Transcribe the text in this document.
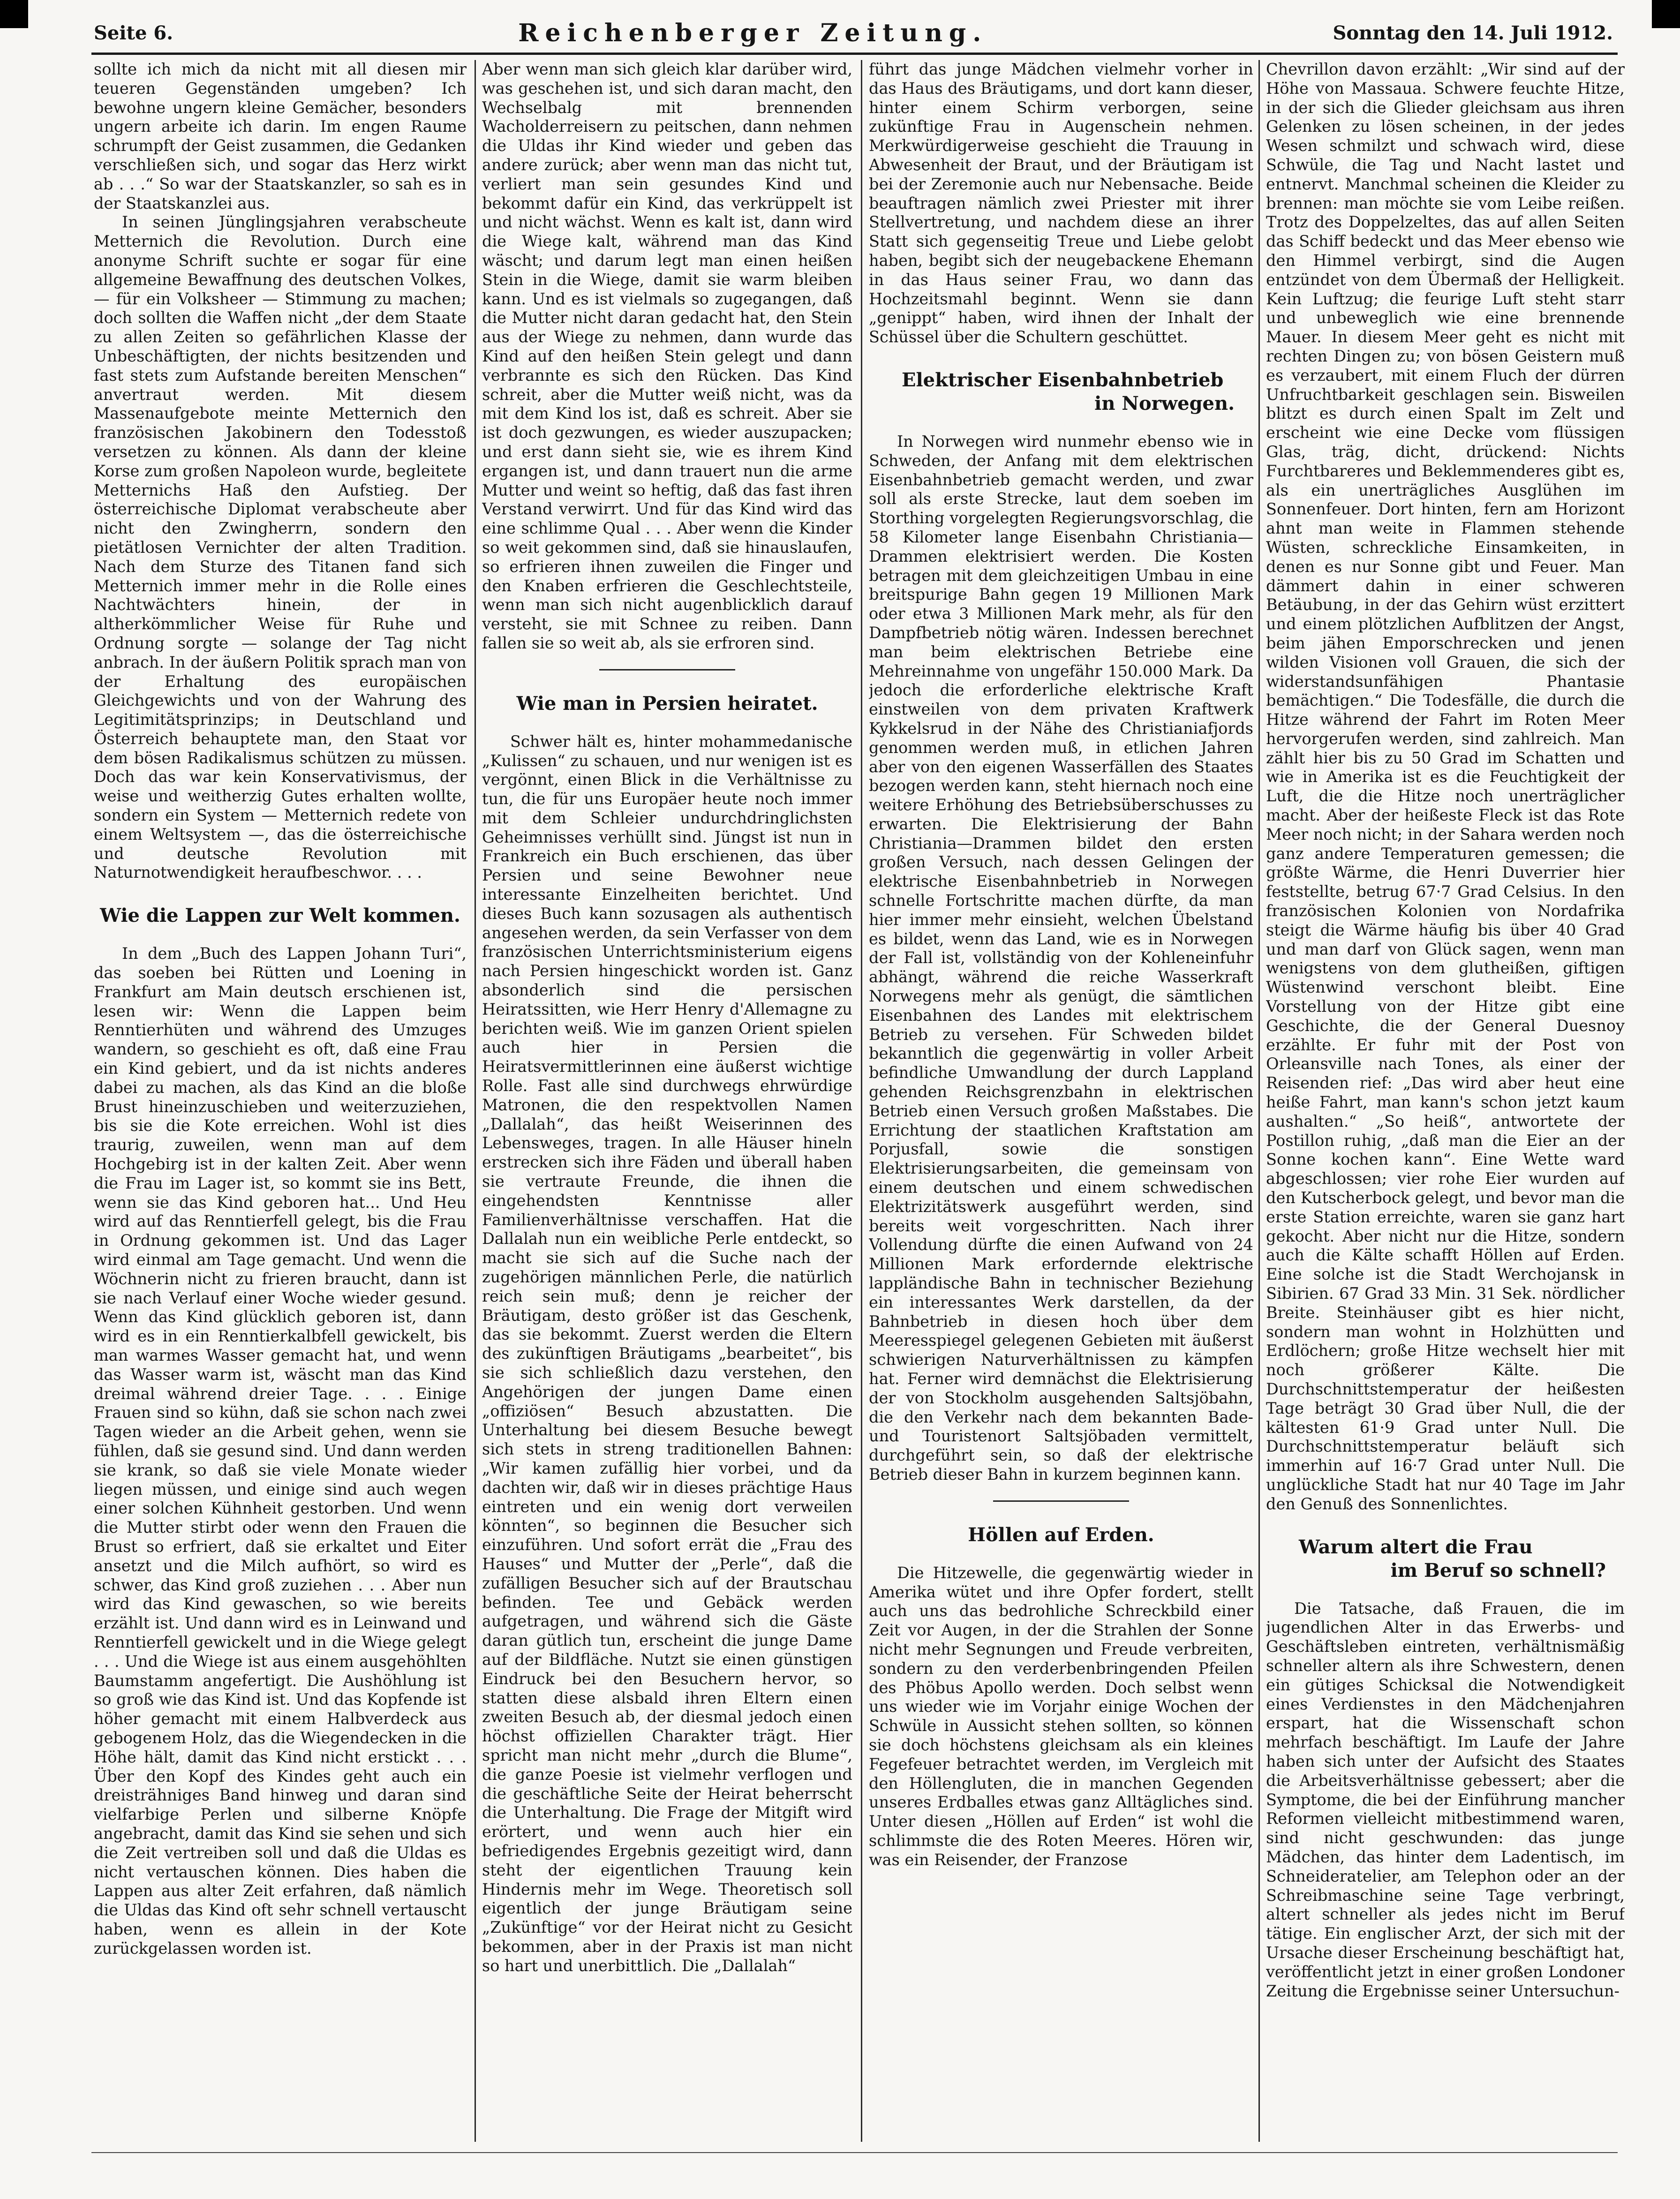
Seite 6.	Reichenberger Zeitung.	Sonntag den 14. Juli 1912.

sollte ich mich da nicht mit all diesen mir teueren Gegenständen umgeben? Ich bewohne ungern kleine Gemächer, besonders ungern arbeite ich darin. Im engen Raume schrumpft der Geist zusammen, die Gedanken verschließen sich, und sogar das Herz wirkt ab . . .“ So war der Staatskanzler, so sah es in der Staatskanzlei aus.

In seinen Jünglingsjahren verabscheute Metternich die Revolution. Durch eine anonyme Schrift suchte er sogar für eine allgemeine Bewaffnung des deutschen Volkes, — für ein Volksheer — Stimmung zu machen; doch sollten die Waffen nicht „der dem Staate zu allen Zeiten so gefährlichen Klasse der Unbeschäftigten, der nichts besitzenden und fast stets zum Aufstande bereiten Menschen“ anvertraut werden. Mit diesem Massenaufgebote meinte Metternich den französischen Jakobinern den Todesstoß versetzen zu können. Als dann der kleine Korse zum großen Napoleon wurde, begleitete Metternichs Haß den Aufstieg. Der österreichische Diplomat verabscheute aber nicht den Zwingherrn, sondern den pietätlosen Vernichter der alten Tradition. Nach dem Sturze des Titanen fand sich Metternich immer mehr in die Rolle eines Nachtwächters hinein, der in altherkömmlicher Weise für Ruhe und Ordnung sorgte — solange der Tag nicht anbrach. In der äußern Politik sprach man von der Erhaltung des europäischen Gleichgewichts und von der Wahrung des Legitimitätsprinzips; in Deutschland und Österreich behauptete man, den Staat vor dem bösen Radikalismus schützen zu müssen. Doch das war kein Konservativismus, der weise und weitherzig Gutes erhalten wollte, sondern ein System — Metternich redete von einem Weltsystem —, das die österreichische und deutsche Revolution mit Naturnotwendigkeit heraufbeschwor. . . .

Wie die Lappen zur Welt kommen.

In dem „Buch des Lappen Johann Turi“, das soeben bei Rütten und Loening in Frankfurt am Main deutsch erschienen ist, lesen wir: Wenn die Lappen beim Renntierhüten und während des Umzuges wandern, so geschieht es oft, daß eine Frau ein Kind gebiert, und da ist nichts anderes dabei zu machen, als das Kind an die bloße Brust hineinzuschieben und weiterzuziehen, bis sie die Kote erreichen. Wohl ist dies traurig, zuweilen, wenn man auf dem Hochgebirg ist in der kalten Zeit. Aber wenn die Frau im Lager ist, so kommt sie ins Bett, wenn sie das Kind geboren hat... Und Heu wird auf das Renntierfell gelegt, bis die Frau in Ordnung gekommen ist. Und das Lager wird einmal am Tage gemacht. Und wenn die Wöchnerin nicht zu frieren braucht, dann ist sie nach Verlauf einer Woche wieder gesund. Wenn das Kind glücklich geboren ist, dann wird es in ein Renntierkalbfell gewickelt, bis man warmes Wasser gemacht hat, und wenn das Wasser warm ist, wäscht man das Kind dreimal während dreier Tage. . . . Einige Frauen sind so kühn, daß sie schon nach zwei Tagen wieder an die Arbeit gehen, wenn sie fühlen, daß sie gesund sind. Und dann werden sie krank, so daß sie viele Monate wieder liegen müssen, und einige sind auch wegen einer solchen Kühnheit gestorben. Und wenn die Mutter stirbt oder wenn den Frauen die Brust so erfriert, daß sie erkaltet und Eiter ansetzt und die Milch aufhört, so wird es schwer, das Kind groß zuziehen . . . Aber nun wird das Kind gewaschen, so wie bereits erzählt ist. Und dann wird es in Leinwand und Renntierfell gewickelt und in die Wiege gelegt . . . Und die Wiege ist aus einem ausgehöhlten Baumstamm angefertigt. Die Aushöhlung ist so groß wie das Kind ist. Und das Kopfende ist höher gemacht mit einem Halbverdeck aus gebogenem Holz, das die Wiegendecken in die Höhe hält, damit das Kind nicht erstickt . . . Über den Kopf des Kindes geht auch ein dreisträhniges Band hinweg und daran sind vielfarbige Perlen und silberne Knöpfe angebracht, damit das Kind sie sehen und sich die Zeit vertreiben soll und daß die Uldas es nicht vertauschen können. Dies haben die Lappen aus alter Zeit erfahren, daß nämlich die Uldas das Kind oft sehr schnell vertauscht haben, wenn es allein in der Kote zurückgelassen worden ist.

Aber wenn man sich gleich klar darüber wird, was geschehen ist, und sich daran macht, den Wechselbalg mit brennenden Wacholderreisern zu peitschen, dann nehmen die Uldas ihr Kind wieder und geben das andere zurück; aber wenn man das nicht tut, verliert man sein gesundes Kind und bekommt dafür ein Kind, das verkrüppelt ist und nicht wächst. Wenn es kalt ist, dann wird die Wiege kalt, während man das Kind wäscht; und darum legt man einen heißen Stein in die Wiege, damit sie warm bleiben kann. Und es ist vielmals so zugegangen, daß die Mutter nicht daran gedacht hat, den Stein aus der Wiege zu nehmen, dann wurde das Kind auf den heißen Stein gelegt und dann verbrannte es sich den Rücken. Das Kind schreit, aber die Mutter weiß nicht, was da mit dem Kind los ist, daß es schreit. Aber sie ist doch gezwungen, es wieder auszupacken; und erst dann sieht sie, wie es ihrem Kind ergangen ist, und dann trauert nun die arme Mutter und weint so heftig, daß das fast ihren Verstand verwirrt. Und für das Kind wird das eine schlimme Qual . . . Aber wenn die Kinder so weit gekommen sind, daß sie hinauslaufen, so erfrieren ihnen zuweilen die Finger und den Knaben erfrieren die Geschlechtsteile, wenn man sich nicht augenblicklich darauf versteht, sie mit Schnee zu reiben. Dann fallen sie so weit ab, als sie erfroren sind.

Wie man in Persien heiratet.

Schwer hält es, hinter mohammedanische „Kulissen“ zu schauen, und nur wenigen ist es vergönnt, einen Blick in die Verhältnisse zu tun, die für uns Europäer heute noch immer mit dem Schleier undurchdringlichsten Geheimnisses verhüllt sind. Jüngst ist nun in Frankreich ein Buch erschienen, das über Persien und seine Bewohner neue interessante Einzelheiten berichtet. Und dieses Buch kann sozusagen als authentisch angesehen werden, da sein Verfasser von dem französischen Unterrichtsministerium eigens nach Persien hingeschickt worden ist. Ganz absonderlich sind die persischen Heiratssitten, wie Herr Henry d'Allemagne zu berichten weiß. Wie im ganzen Orient spielen auch hier in Persien die Heiratsvermittlerinnen eine äußerst wichtige Rolle. Fast alle sind durchwegs ehrwürdige Matronen, die den respektvollen Namen „Dallalah“, das heißt Weiserinnen des Lebensweges, tragen. In alle Häuser hineln erstrecken sich ihre Fäden und überall haben sie vertraute Freunde, die ihnen die eingehendsten Kenntnisse aller Familienverhältnisse verschaffen. Hat die Dallalah nun ein weibliche Perle entdeckt, so macht sie sich auf die Suche nach der zugehörigen männlichen Perle, die natürlich reich sein muß; denn je reicher der Bräutigam, desto größer ist das Geschenk, das sie bekommt. Zuerst werden die Eltern des zukünftigen Bräutigams „bearbeitet“, bis sie sich schließlich dazu verstehen, den Angehörigen der jungen Dame einen „offiziösen“ Besuch abzustatten. Die Unterhaltung bei diesem Besuche bewegt sich stets in streng traditionellen Bahnen: „Wir kamen zufällig hier vorbei, und da dachten wir, daß wir in dieses prächtige Haus eintreten und ein wenig dort verweilen könnten“, so beginnen die Besucher sich einzuführen. Und sofort errät die „Frau des Hauses“ und Mutter der „Perle“, daß die zufälligen Besucher sich auf der Brautschau befinden. Tee und Gebäck werden aufgetragen, und während sich die Gäste daran gütlich tun, erscheint die junge Dame auf der Bildfläche. Nutzt sie einen günstigen Eindruck bei den Besuchern hervor, so statten diese alsbald ihren Eltern einen zweiten Besuch ab, der diesmal jedoch einen höchst offiziellen Charakter trägt. Hier spricht man nicht mehr „durch die Blume“, die ganze Poesie ist vielmehr verflogen und die geschäftliche Seite der Heirat beherrscht die Unterhaltung. Die Frage der Mitgift wird erörtert, und wenn auch hier ein befriedigendes Ergebnis gezeitigt wird, dann steht der eigentlichen Trauung kein Hindernis mehr im Wege. Theoretisch soll eigentlich der junge Bräutigam seine „Zukünftige“ vor der Heirat nicht zu Gesicht bekommen, aber in der Praxis ist man nicht so hart und unerbittlich. Die „Dallalah“

führt das junge Mädchen vielmehr vorher in das Haus des Bräutigams, und dort kann dieser, hinter einem Schirm verborgen, seine zukünftige Frau in Augenschein nehmen. Merkwürdigerweise geschieht die Trauung in Abwesenheit der Braut, und der Bräutigam ist bei der Zeremonie auch nur Nebensache. Beide beauftragen nämlich zwei Priester mit ihrer Stellvertretung, und nachdem diese an ihrer Statt sich gegenseitig Treue und Liebe gelobt haben, begibt sich der neugebackene Ehemann in das Haus seiner Frau, wo dann das Hochzeitsmahl beginnt. Wenn sie dann „genippt“ haben, wird ihnen der Inhalt der Schüssel über die Schultern geschüttet.

Elektrischer Eisenbahnbetrieb
in Norwegen.

In Norwegen wird nunmehr ebenso wie in Schweden, der Anfang mit dem elektrischen Eisenbahnbetrieb gemacht werden, und zwar soll als erste Strecke, laut dem soeben im Storthing vorgelegten Regierungsvorschlag, die 58 Kilometer lange Eisenbahn Christiania—Drammen elektrisiert werden. Die Kosten betragen mit dem gleichzeitigen Umbau in eine breitspurige Bahn gegen 19 Millionen Mark oder etwa 3 Millionen Mark mehr, als für den Dampfbetrieb nötig wären. Indessen berechnet man beim elektrischen Betriebe eine Mehreinnahme von ungefähr 150.000 Mark. Da jedoch die erforderliche elektrische Kraft einstweilen von dem privaten Kraftwerk Kykkelsrud in der Nähe des Christianiafjords genommen werden muß, in etlichen Jahren aber von den eigenen Wasserfällen des Staates bezogen werden kann, steht hiernach noch eine weitere Erhöhung des Betriebsüberschusses zu erwarten. Die Elektrisierung der Bahn Christiania—Drammen bildet den ersten großen Versuch, nach dessen Gelingen der elektrische Eisenbahnbetrieb in Norwegen schnelle Fortschritte machen dürfte, da man hier immer mehr einsieht, welchen Übelstand es bildet, wenn das Land, wie es in Norwegen der Fall ist, vollständig von der Kohleneinfuhr abhängt, während die reiche Wasserkraft Norwegens mehr als genügt, die sämtlichen Eisenbahnen des Landes mit elektrischem Betrieb zu versehen. Für Schweden bildet bekanntlich die gegenwärtig in voller Arbeit befindliche Umwandlung der durch Lappland gehenden Reichsgrenzbahn in elektrischen Betrieb einen Versuch großen Maßstabes. Die Errichtung der staatlichen Kraftstation am Porjusfall, sowie die sonstigen Elektrisierungsarbeiten, die gemeinsam von einem deutschen und einem schwedischen Elektrizitätswerk ausgeführt werden, sind bereits weit vorgeschritten. Nach ihrer Vollendung dürfte die einen Aufwand von 24 Millionen Mark erfordernde elektrische lappländische Bahn in technischer Beziehung ein interessantes Werk darstellen, da der Bahnbetrieb in diesen hoch über dem Meeresspiegel gelegenen Gebieten mit äußerst schwierigen Naturverhältnissen zu kämpfen hat. Ferner wird demnächst die Elektrisierung der von Stockholm ausgehenden Saltsjöbahn, die den Verkehr nach dem bekannten Bade- und Touristenort Saltsjöbaden vermittelt, durchgeführt sein, so daß der elektrische Betrieb dieser Bahn in kurzem beginnen kann.

Höllen auf Erden.

Die Hitzewelle, die gegenwärtig wieder in Amerika wütet und ihre Opfer fordert, stellt auch uns das bedrohliche Schreckbild einer Zeit vor Augen, in der die Strahlen der Sonne nicht mehr Segnungen und Freude verbreiten, sondern zu den verderbenbringenden Pfeilen des Phöbus Apollo werden. Doch selbst wenn uns wieder wie im Vorjahr einige Wochen der Schwüle in Aussicht stehen sollten, so können sie doch höchstens gleichsam als ein kleines Fegefeuer betrachtet werden, im Vergleich mit den Höllengluten, die in manchen Gegenden unseres Erdballes etwas ganz Alltägliches sind. Unter diesen „Höllen auf Erden“ ist wohl die schlimmste die des Roten Meeres. Hören wir, was ein Reisender, der Franzose

Chevrillon davon erzählt: „Wir sind auf der Höhe von Massaua. Schwere feuchte Hitze, in der sich die Glieder gleichsam aus ihren Gelenken zu lösen scheinen, in der jedes Wesen schmilzt und schwach wird, diese Schwüle, die Tag und Nacht lastet und entnervt. Manchmal scheinen die Kleider zu brennen: man möchte sie vom Leibe reißen. Trotz des Doppelzeltes, das auf allen Seiten das Schiff bedeckt und das Meer ebenso wie den Himmel verbirgt, sind die Augen entzündet von dem Übermaß der Helligkeit. Kein Luftzug; die feurige Luft steht starr und unbeweglich wie eine brennende Mauer. In diesem Meer geht es nicht mit rechten Dingen zu; von bösen Geistern muß es verzaubert, mit einem Fluch der dürren Unfruchtbarkeit geschlagen sein. Bisweilen blitzt es durch einen Spalt im Zelt und erscheint wie eine Decke vom flüssigen Glas, träg, dicht, drückend: Nichts Furchtbareres und Beklemmenderes gibt es, als ein unerträgliches Ausglühen im Sonnenfeuer. Dort hinten, fern am Horizont ahnt man weite in Flammen stehende Wüsten, schreckliche Einsamkeiten, in denen es nur Sonne gibt und Feuer. Man dämmert dahin in einer schweren Betäubung, in der das Gehirn wüst erzittert und einem plötzlichen Aufblitzen der Angst, beim jähen Emporschrecken und jenen wilden Visionen voll Grauen, die sich der widerstandsunfähigen Phantasie bemächtigen.“ Die Todesfälle, die durch die Hitze während der Fahrt im Roten Meer hervorgerufen werden, sind zahlreich. Man zählt hier bis zu 50 Grad im Schatten und wie in Amerika ist es die Feuchtigkeit der Luft, die die Hitze noch unerträglicher macht. Aber der heißeste Fleck ist das Rote Meer noch nicht; in der Sahara werden noch ganz andere Temperaturen gemessen; die größte Wärme, die Henri Duverrier hier feststellte, betrug 67·7 Grad Celsius. In den französischen Kolonien von Nordafrika steigt die Wärme häufig bis über 40 Grad und man darf von Glück sagen, wenn man wenigstens von dem glutheißen, giftigen Wüstenwind verschont bleibt. Eine Vorstellung von der Hitze gibt eine Geschichte, die der General Duesnoy erzählte. Er fuhr mit der Post von Orleansville nach Tones, als einer der Reisenden rief: „Das wird aber heut eine heiße Fahrt, man kann's schon jetzt kaum aushalten.“ „So heiß“, antwortete der Postillon ruhig, „daß man die Eier an der Sonne kochen kann“. Eine Wette ward abgeschlossen; vier rohe Eier wurden auf den Kutscherbock gelegt, und bevor man die erste Station erreichte, waren sie ganz hart gekocht. Aber nicht nur die Hitze, sondern auch die Kälte schafft Höllen auf Erden. Eine solche ist die Stadt Werchojansk in Sibirien. 67 Grad 33 Min. 31 Sek. nördlicher Breite. Steinhäuser gibt es hier nicht, sondern man wohnt in Holzhütten und Erdlöchern; große Hitze wechselt hier mit noch größerer Kälte. Die Durchschnittstemperatur der heißesten Tage beträgt 30 Grad über Null, die der kältesten 61·9 Grad unter Null. Die Durchschnittstemperatur beläuft sich immerhin auf 16·7 Grad unter Null. Die unglückliche Stadt hat nur 40 Tage im Jahr den Genuß des Sonnenlichtes.

Warum altert die Frau
im Beruf so schnell?

Die Tatsache, daß Frauen, die im jugendlichen Alter in das Erwerbs- und Geschäftsleben eintreten, verhältnismäßig schneller altern als ihre Schwestern, denen ein gütiges Schicksal die Notwendigkeit eines Verdienstes in den Mädchenjahren erspart, hat die Wissenschaft schon mehrfach beschäftigt. Im Laufe der Jahre haben sich unter der Aufsicht des Staates die Arbeitsverhältnisse gebessert; aber die Symptome, die bei der Einführung mancher Reformen vielleicht mitbestimmend waren, sind nicht geschwunden: das junge Mädchen, das hinter dem Ladentisch, im Schneideratelier, am Telephon oder an der Schreibmaschine seine Tage verbringt, altert schneller als jedes nicht im Beruf tätige. Ein englischer Arzt, der sich mit der Ursache dieser Erscheinung beschäftigt hat, veröffentlicht jetzt in einer großen Londoner Zeitung die Ergebnisse seiner Untersuchun-
